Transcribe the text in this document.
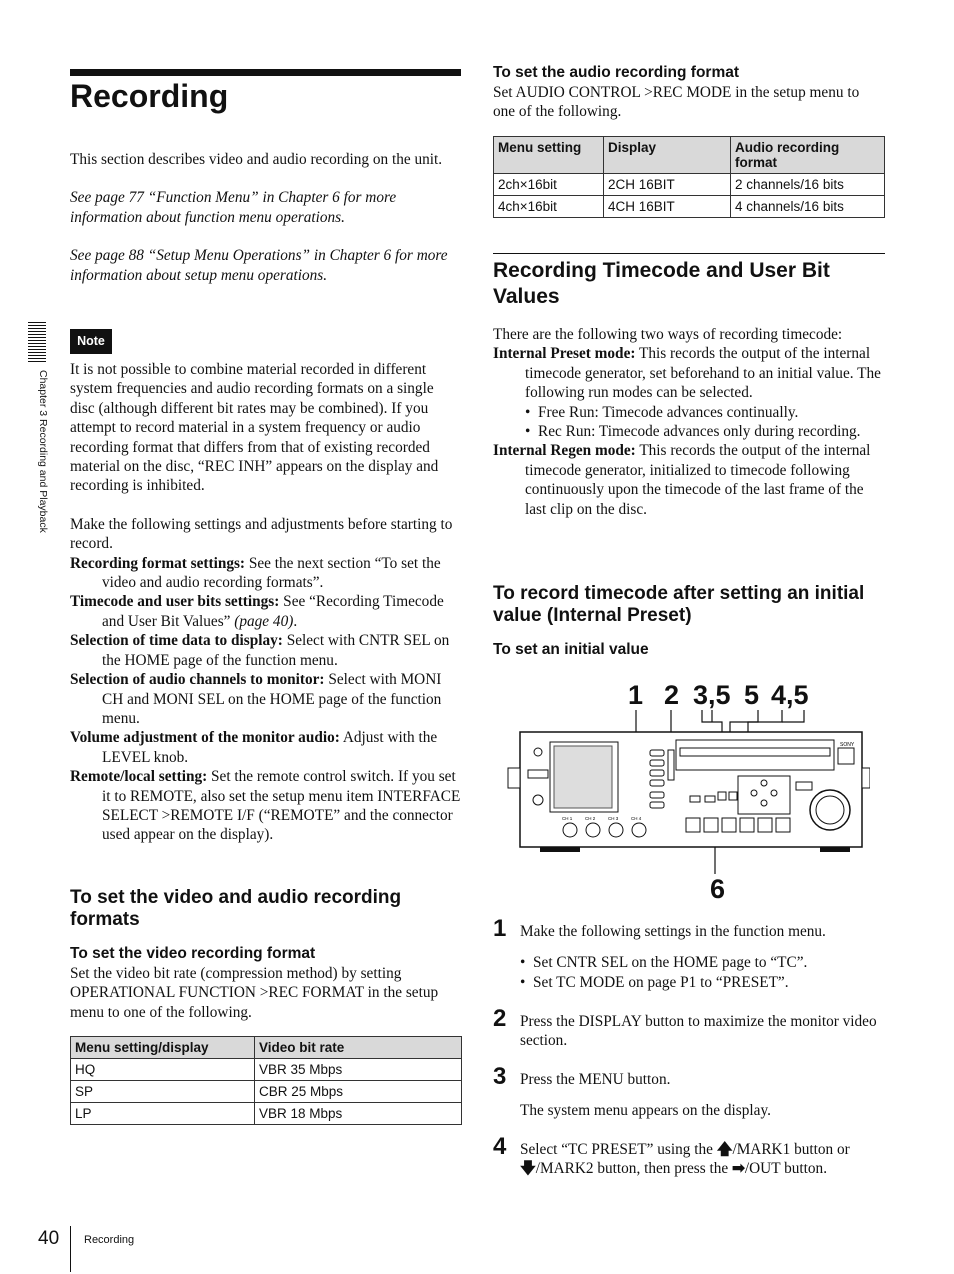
Recording
Chapter 3 Recording and Playback

This section describes video and audio recording on the unit.

See page 77 “Function Menu” in Chapter 6 for more information about function menu operations.

See page 88 “Setup Menu Operations” in Chapter 6 for more information about setup menu operations.

Note

It is not possible to combine material recorded in different system frequencies and audio recording formats on a single disc (although different bit rates may be combined). If you attempt to record material in a system frequency or audio recording format that differs from that of existing recorded material on the disc, “REC INH” appears on the display and recording is inhibited.

Make the following settings and adjustments before starting to record.

Recording format settings: See the next section “To set the video and audio recording formats”.

Timecode and user bits settings: See “Recording Timecode and User Bit Values” (page 40).

Selection of time data to display: Select with CNTR SEL on the HOME page of the function menu.

Selection of audio channels to monitor: Select with MONI CH and MONI SEL on the HOME page of the function menu.

Volume adjustment of the monitor audio: Adjust with the LEVEL knob.

Remote/local setting: Set the remote control switch. If you set it to REMOTE, also set the setup menu item INTERFACE SELECT >REMOTE I/F (“REMOTE” and the connector used appear on the display).

To set the video and audio recording formats
To set the video recording format
Set the video bit rate (compression method) by setting OPERATIONAL FUNCTION >REC FORMAT in the setup menu to one of the following.
Menu setting/display	Video bit rate
HQ	VBR 35 Mbps
SP	CBR 25 Mbps
LP	VBR 18 Mbps
To set the audio recording format
Set AUDIO CONTROL >REC MODE in the setup menu to one of the following.
Menu setting	Display	Audio recording format
2ch×16bit	2CH 16BIT	2 channels/16 bits
4ch×16bit	4CH 16BIT	4 channels/16 bits
Recording Timecode and User Bit Values

There are the following two ways of recording timecode:

Internal Preset mode: This records the output of the internal timecode generator, set beforehand to an initial value. The following run modes can be selected.

•  Free Run: Timecode advances continually.

•  Rec Run: Timecode advances only during recording.

Internal Regen mode: This records the output of the internal timecode generator, initialized to timecode following continuously upon the timecode of the last frame of the last clip on the disc.

To record timecode after setting an initial value (Internal Preset)
To set an initial value
1 2 3,5 5 4,5
6
CH 1	CH 2	CH 3	CH 4
SONY
1 Make the following settings in the function menu.

•  Set CNTR SEL on the HOME page to “TC”.

•  Set TC MODE on page P1 to “PRESET”.

2 Press the DISPLAY button to maximize the monitor video section.
3 Press the MENU button.

The system menu appears on the display.

4 Select “TC PRESET” using the 🡅/MARK1 button or 🡇/MARK2 button, then press the ➡/OUT button.
40 Recording
